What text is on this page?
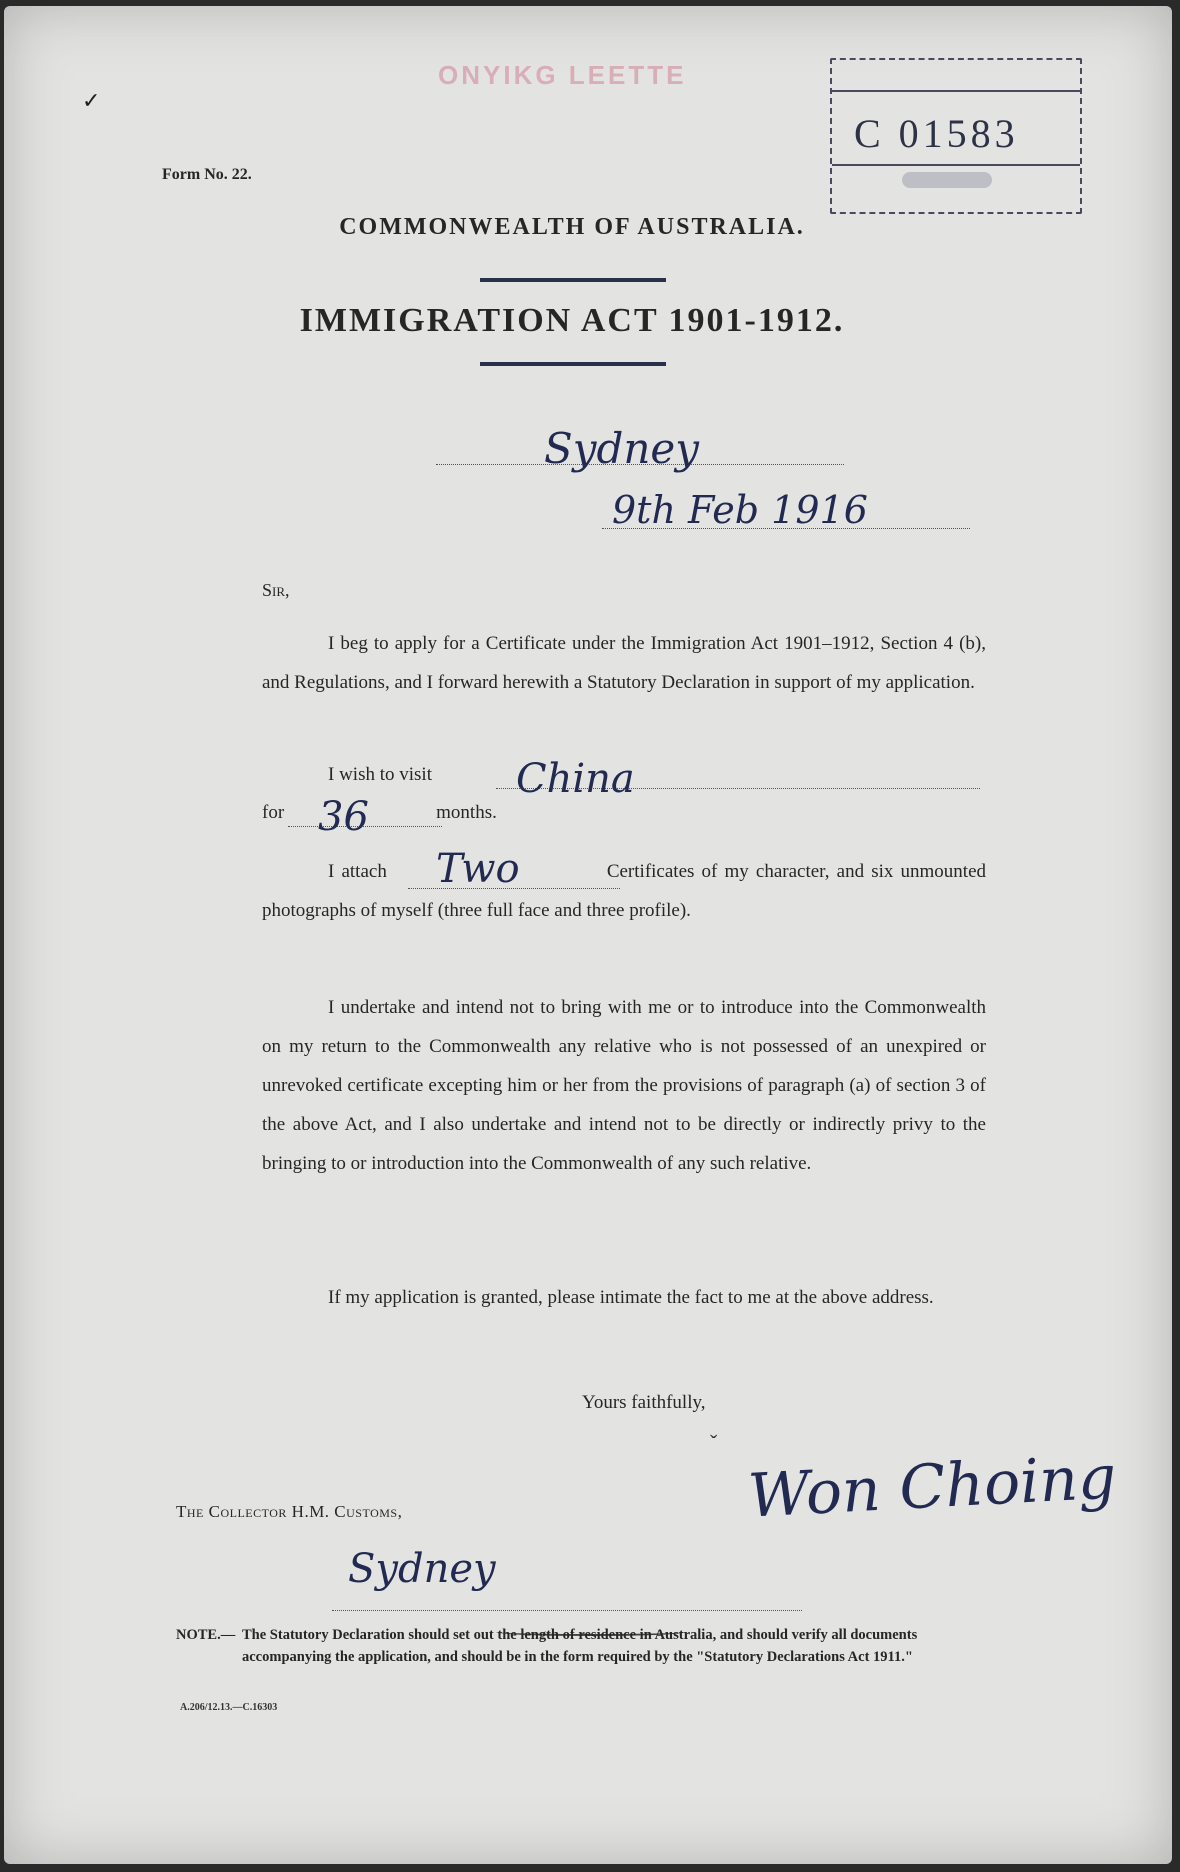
✓
ONYIKG LEETTE
C 01583
Form No. 22.
COMMONWEALTH OF AUSTRALIA.
IMMIGRATION ACT 1901-1912.
Sydney
9th Feb 1916
Sir,
I beg to apply for a Certificate under the Immigration Act 1901–1912, Section 4 (b), and Regulations, and I forward herewith a Statutory Declaration in support of my application.
I wish to visit China
for	months.
36
I attach	Certificates of my character, and six unmounted photographs of myself (three full face and three profile).
Two
I undertake and intend not to bring with me or to introduce into the Commonwealth on my return to the Commonwealth any relative who is not possessed of an unexpired or unrevoked certificate excepting him or her from the provisions of paragraph (a) of section 3 of the above Act, and I also undertake and intend not to be directly or indirectly privy to the bringing to or introduction into the Commonwealth of any such relative.
If my application is granted, please intimate the fact to me at the above address.
Yours faithfully,
ˇ Won Choing
The Collector H.M. Customs,
Sydney
NOTE.— The Statutory Declaration should set out the length of residence in Australia, and should verify all documents accompanying the application, and should be in the form required by the "Statutory Declarations Act 1911."
A.206/12.13.—C.16303
